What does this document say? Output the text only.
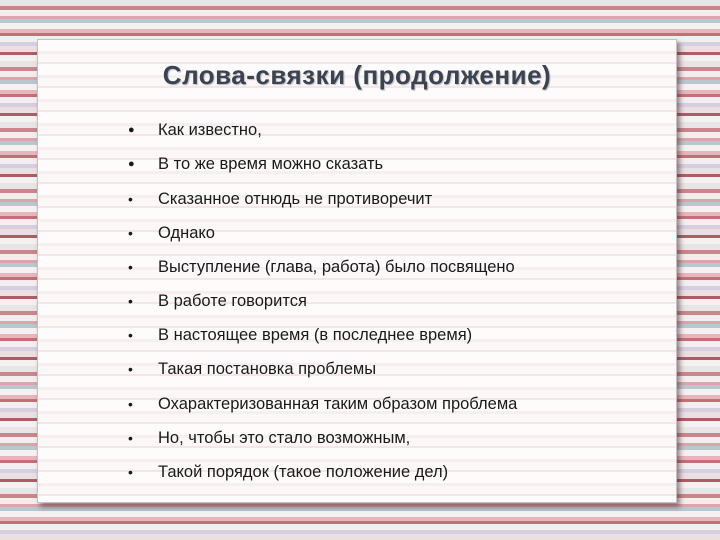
Слова-связки (продолжение)
● Как известно,
● В то же время можно сказать
• Сказанное отнюдь не противоречит
• Однако
• Выступление (глава, работа) было посвящено
• В работе говорится
• В настоящее время (в последнее время)
• Такая постановка проблемы
• Охарактеризованная таким образом проблема
• Но, чтобы это стало возможным,
• Такой порядок (такое положение дел)
